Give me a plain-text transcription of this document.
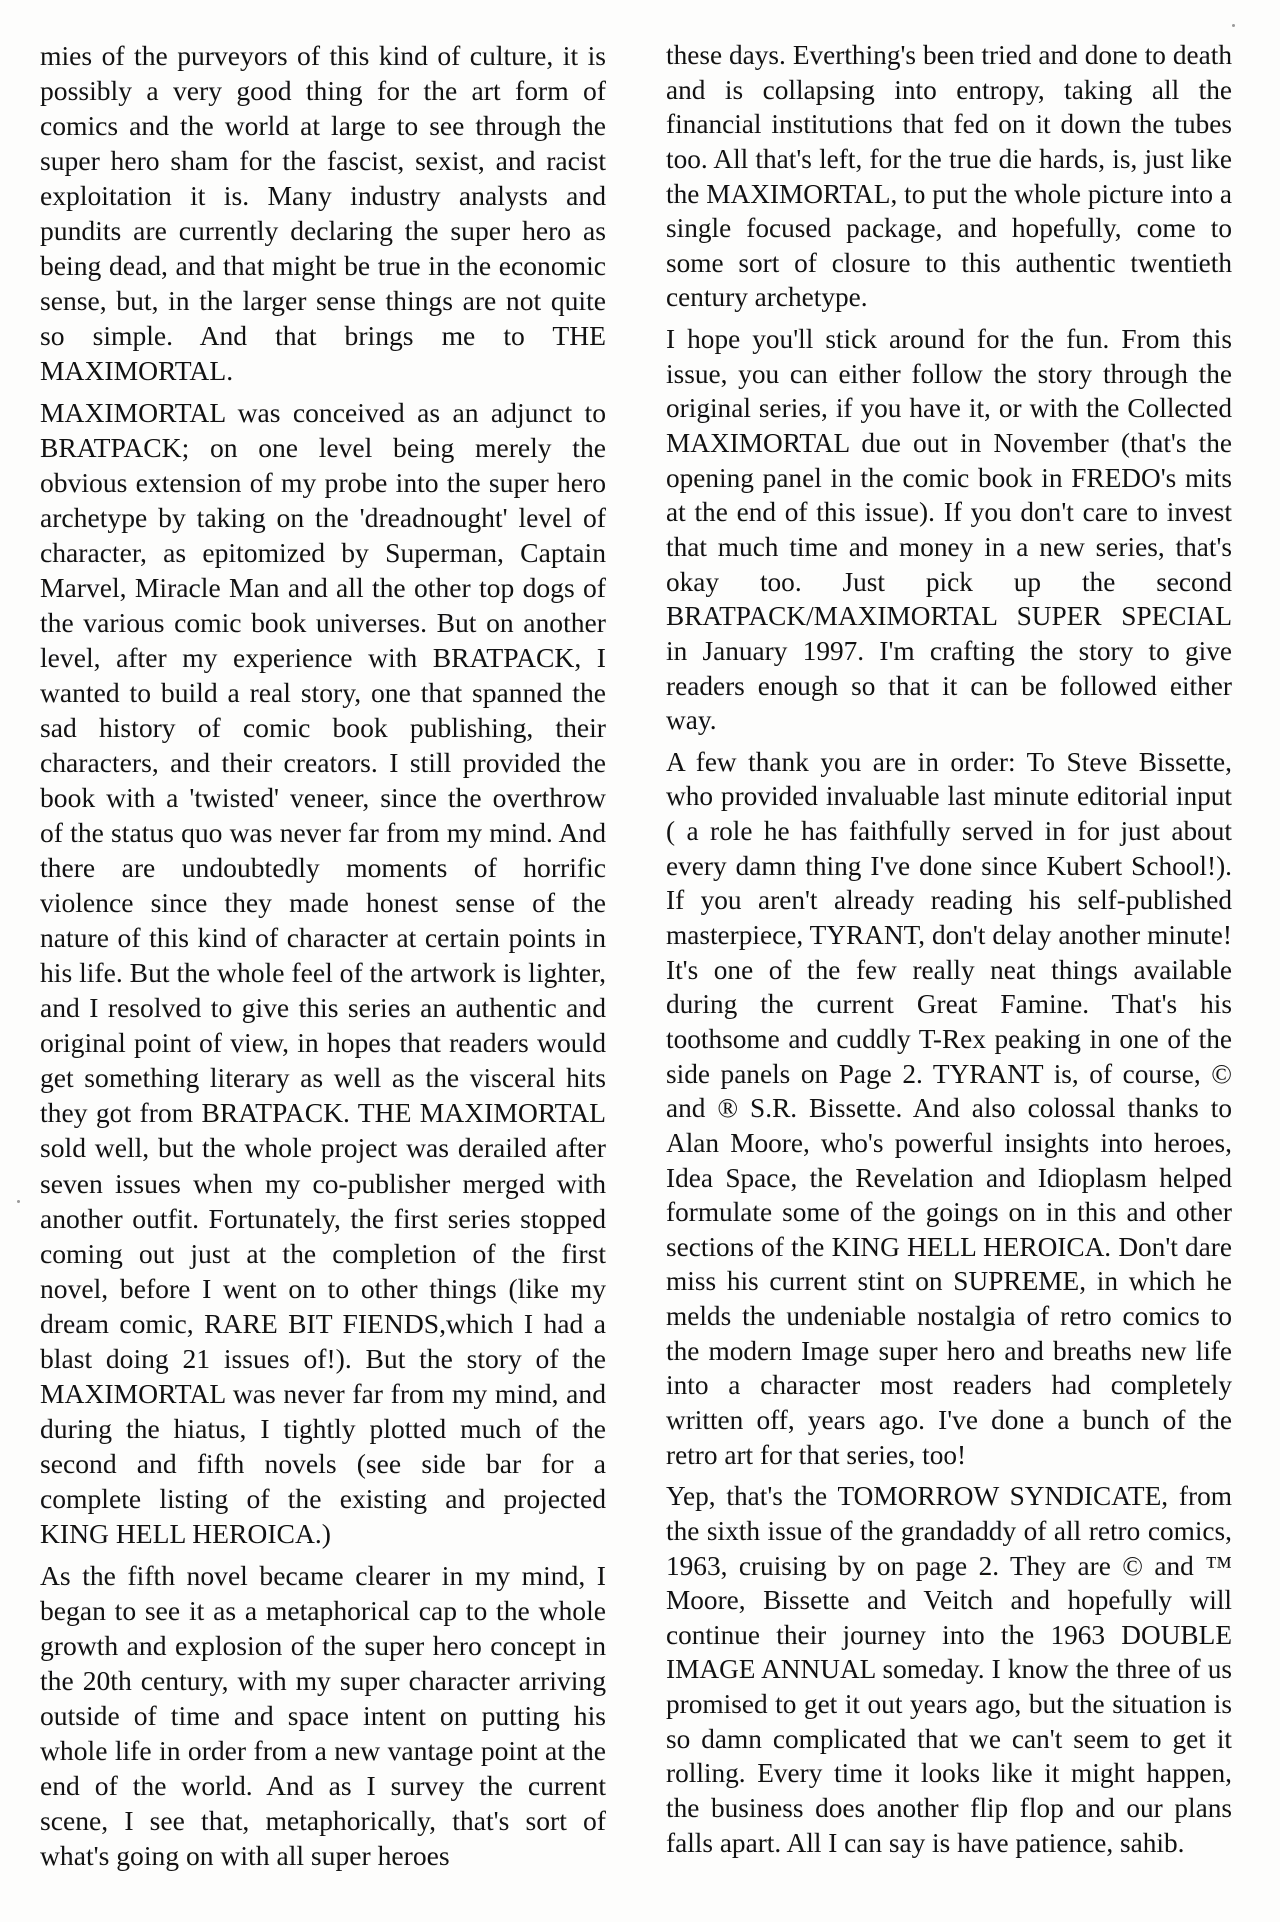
mies of the purveyors of this kind of culture, it is possibly a very good thing for the art form of comics and the world at large to see through the super hero sham for the fascist, sexist, and racist exploitation it is. Many industry analysts and pundits are currently declaring the super hero as being dead, and that might be true in the economic sense, but, in the larger sense things are not quite so simple. And that brings me to THE MAXIMORTAL.

MAXIMORTAL was conceived as an adjunct to BRATPACK; on one level being merely the obvious extension of my probe into the super hero archetype by taking on the 'dreadnought' level of character, as epitomized by Superman, Captain Marvel, Miracle Man and all the other top dogs of the various comic book universes. But on another level, after my experience with BRATPACK, I wanted to build a real story, one that spanned the sad history of comic book publishing, their characters, and their creators. I still provided the book with a 'twisted' veneer, since the overthrow of the status quo was never far from my mind. And there are undoubtedly moments of horrific violence since they made honest sense of the nature of this kind of character at certain points in his life. But the whole feel of the artwork is lighter, and I resolved to give this series an authentic and original point of view, in hopes that readers would get something literary as well as the visceral hits they got from BRATPACK. THE MAXIMORTAL sold well, but the whole project was derailed after seven issues when my co-publisher merged with another outfit. Fortunately, the first series stopped coming out just at the completion of the first novel, before I went on to other things (like my dream comic, RARE BIT FIENDS,which I had a blast doing 21 issues of!). But the story of the MAXIMORTAL was never far from my mind, and during the hiatus, I tightly plotted much of the second and fifth novels (see side bar for a complete listing of the existing and projected KING HELL HEROICA.)

As the fifth novel became clearer in my mind, I began to see it as a metaphorical cap to the whole growth and explosion of the super hero concept in the 20th century, with my super character arriving outside of time and space intent on putting his whole life in order from a new vantage point at the end of the world. And as I survey the current scene, I see that, metaphorically, that's sort of what's going on with all super heroes

these days. Everthing's been tried and done to death and is collapsing into entropy, taking all the financial institutions that fed on it down the tubes too. All that's left, for the true die hards, is, just like the MAXIMORTAL, to put the whole picture into a single focused package, and hopefully, come to some sort of closure to this authentic twentieth century archetype.

I hope you'll stick around for the fun. From this issue, you can either follow the story through the original series, if you have it, or with the Collected MAXIMORTAL due out in November (that's the opening panel in the comic book in FREDO's mits at the end of this issue). If you don't care to invest that much time and money in a new series, that's okay too. Just pick up the second BRATPACK/MAXIMORTAL SUPER SPECIAL in January 1997. I'm crafting the story to give readers enough so that it can be followed either way.

A few thank you are in order: To Steve Bissette, who provided invaluable last minute editorial input ( a role he has faithfully served in for just about every damn thing I've done since Kubert School!). If you aren't already reading his self-published masterpiece, TYRANT, don't delay another minute! It's one of the few really neat things available during the current Great Famine. That's his toothsome and cuddly T-Rex peaking in one of the side panels on Page 2. TYRANT is, of course, © and ® S.R. Bissette. And also colossal thanks to Alan Moore, who's powerful insights into heroes, Idea Space, the Revelation and Idioplasm helped formulate some of the goings on in this and other sections of the KING HELL HEROICA. Don't dare miss his current stint on SUPREME, in which he melds the undeniable nostalgia of retro comics to the modern Image super hero and breaths new life into a character most readers had completely written off, years ago. I've done a bunch of the retro art for that series, too!

Yep, that's the TOMORROW SYNDICATE, from the sixth issue of the grandaddy of all retro comics, 1963, cruising by on page 2. They are © and ™ Moore, Bissette and Veitch and hopefully will continue their journey into the 1963 DOUBLE IMAGE ANNUAL someday. I know the three of us promised to get it out years ago, but the situation is so damn complicated that we can't seem to get it rolling. Every time it looks like it might happen, the business does another flip flop and our plans falls apart. All I can say is have patience, sahib.
